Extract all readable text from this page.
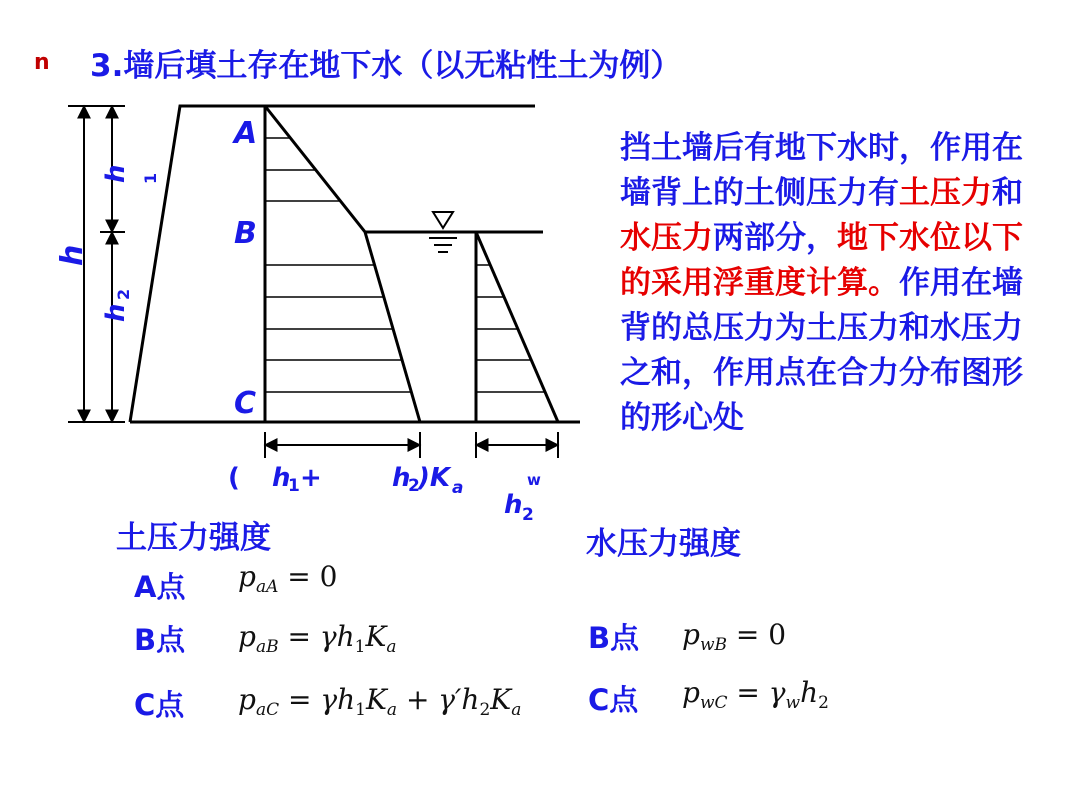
n 3.墙后填土存在地下水（以无粘性土为例）
A
B
C
h
h 1
h
2
( h
1 +	h
2
)K a
h 2
w
挡土墙后有地下水时，作用在墙背上的土侧压力有土压力和水压力两部分，地下水位以下的采用浮重度计算。作用在墙背的总压力为土压力和水压力之和，作用点在合力分布图形的形心处
土压力强度
A点 $p_{aA} = 0$
B点 $p_{aB} = \gamma h_1K_a$
C点 $p_{aC} = \gamma h_1K_a + \gamma'h_2K_a$
水压力强度
B点 $p_{wB} = 0$
C点 $p_{wC} = \gamma_wh_2$
